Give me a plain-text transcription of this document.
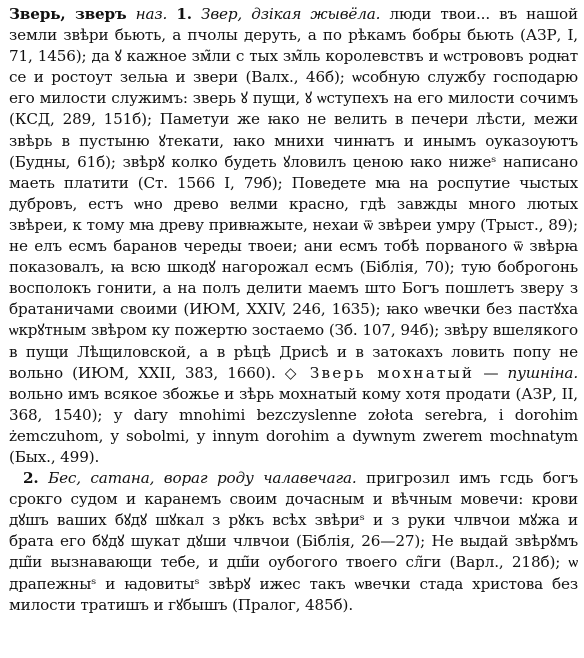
Зверь, зверъ наз. 1. Звер, дзікая жывёла. люди твои... въ нашой земли звѣри бьють, а пчолы деруть, а по рѣкамъ бобры бьють (АЗР, I, 71, 1456); да ꙋ кажное зм̃ли с тых зм̃ль королевствъ и ѡстрововъ родꙗт се и ростоут зельꙗ и звери (Валх., 46б); ѡсобную службу господарю его милости служимъ: зверь ꙋ пущи, ꙋ ѡступехъ на его милости сочимъ (КСД, 289, 151б); Паметуи же ꙗко не велить в печери лѣсти, межи звѣрь в пустыню ꙋтекати, ꙗко мнихи чинꙗтъ и инымъ оуказоуютъ (Будны, 61б); звѣрꙋ колко будеть ꙋловилъ ценою ꙗко нижеˢ написано маеть платити (Ст. 1566 I, 79б); Поведете мꙗ на роспутие чыстых дубровъ, естъ ѡно древо велми красно, гдѣ завжды много лютых звѣреи, к тому мꙗ древу привꙗжыте, нехаи ѿ звѣреи умру (Трыст., 89); не елъ есмъ баранов череды твоеи; ани есмъ тобѣ порваного ѿ звѣрꙗ показовалъ, ꙗ всю шкодꙋ нагорожал есмъ (Біблія, 70); тую боброгонь восполокъ гонити, а на полъ делити маемъ што Богъ пошлетъ зверу з братаничами своими (ИЮМ, XXIV, 246, 1635); ꙗко ѡвечки без пастꙋха ѡкрꙋтным звѣром ку пожертю зостаемо (Зб. 107, 94б); звѣру вшелякого в пущи Лѣщиловской, а в рѣцѣ Дрисѣ и в затокахъ ловить попу не вольно (ИЮМ, XXII, 383, 1660). ◇ Зверь мохнатый — пушніна. вольно имъ всякое збожье и зѣрь мохнатый кому хотя продати (АЗР, II, 368, 1540); у dary mnohimi bezczyslenne zołota serebra, i dorohim żemczuhom, y sobolmi, y innym dorohim a dywnym zwerem mochnatym (Бых., 499).

2. Бес, сатана, вораг роду чалавечага. пригрозил имъ гсдь богъ срокго судом и каранемъ своим дочасным и вѣчным мовечи: крови дꙋшъ ваших бꙋдꙋ шꙋкал з рꙋкъ всѣх звѣриˢ и з руки члвчои мꙋжа и брата его бꙋдꙋ шукат дꙋши члвчои (Біблія, 26—27); Не выдай звѣрꙋмъ дш̃и вызнавающи тебе, и дш̃и оубогого твоего сл̃ги (Варл., 218б); ѡ драпежныˢ и ꙗдовитыˢ звѣрꙋ ижес такъ ѡвечки стада христова без милости тратишъ и гꙋбышъ (Пралог, 485б).
